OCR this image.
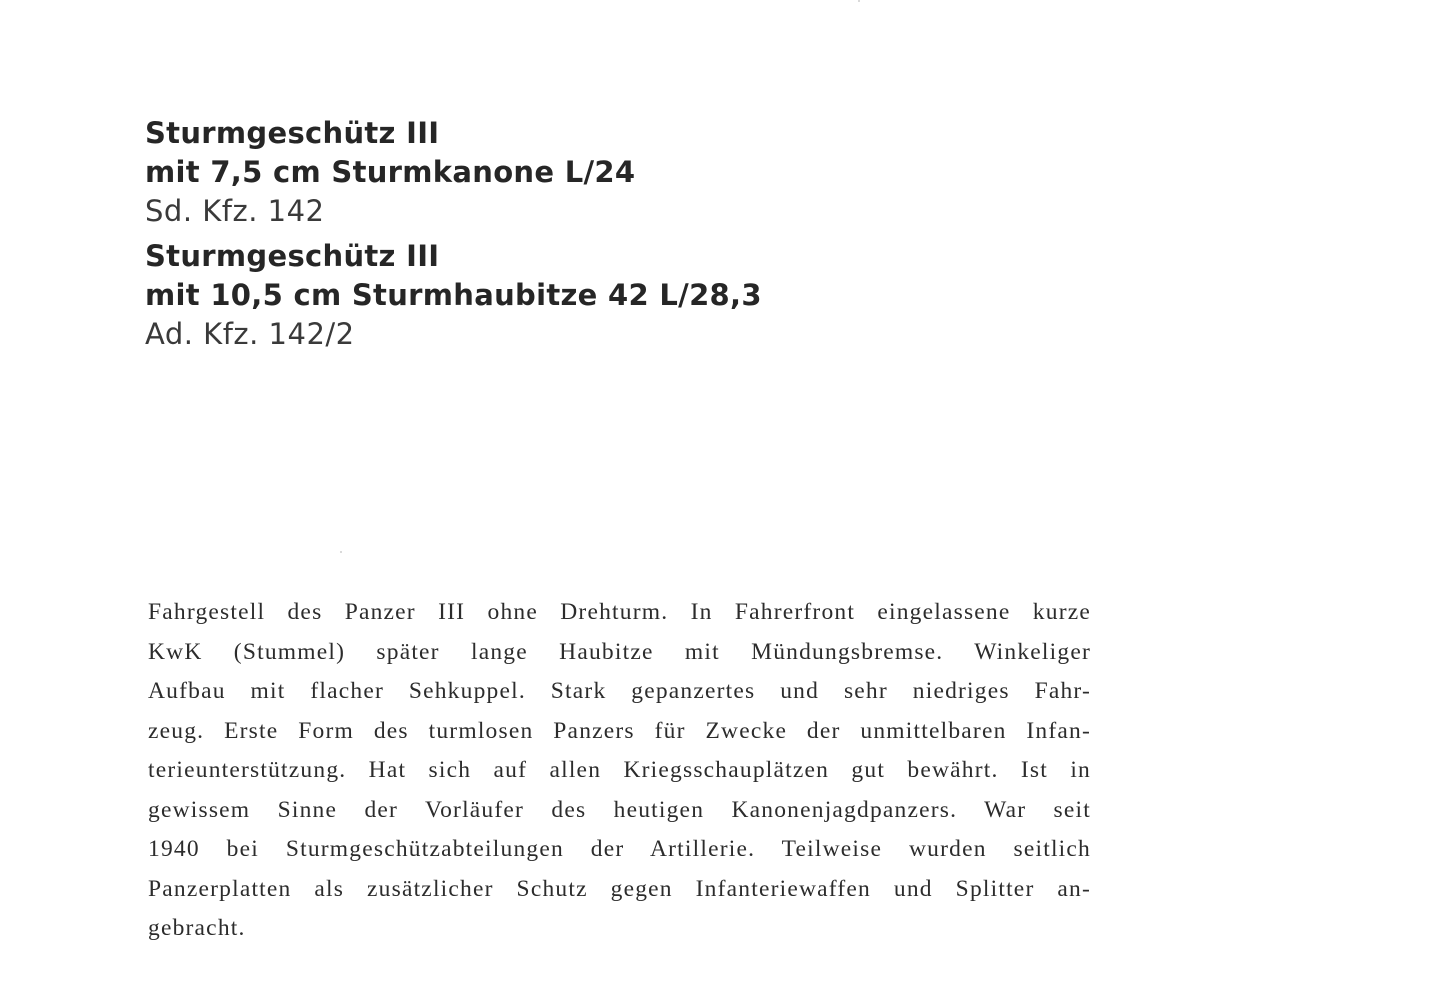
Sturmgeschütz III
mit 7,5 cm Sturmkanone L/24
Sd. Kfz. 142
Sturmgeschütz III
mit 10,5 cm Sturmhaubitze 42 L/28,3
Ad. Kfz. 142/2
Fahrgestell des Panzer III ohne Drehturm. In Fahrerfront eingelassene kurze
KwK (Stummel) später lange Haubitze mit Mündungsbremse. Winkeliger
Aufbau mit flacher Sehkuppel. Stark gepanzertes und sehr niedriges Fahr-
zeug. Erste Form des turmlosen Panzers für Zwecke der unmittelbaren Infan-
terieunterstützung. Hat sich auf allen Kriegsschauplätzen gut bewährt. Ist in
gewissem Sinne der Vorläufer des heutigen Kanonenjagdpanzers. War seit
1940 bei Sturmgeschützabteilungen der Artillerie. Teilweise wurden seitlich
Panzerplatten als zusätzlicher Schutz gegen Infanteriewaffen und Splitter an-
gebracht.
